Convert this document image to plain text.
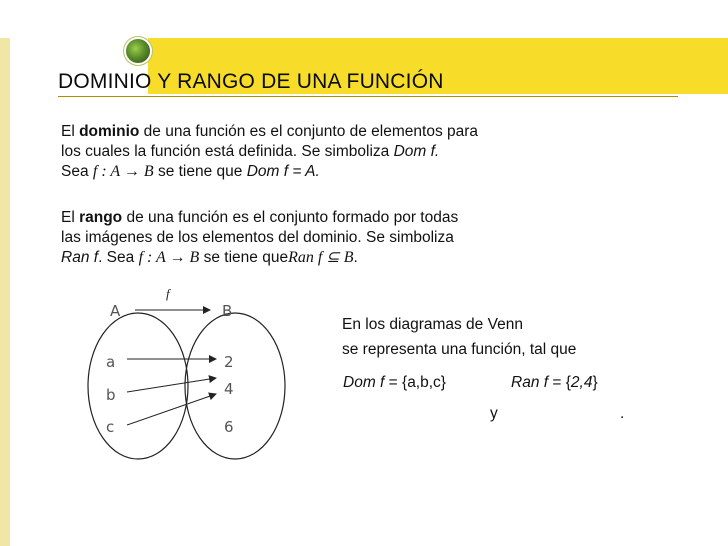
DOMINIO Y RANGO DE UNA FUNCIÓN
El dominio de una función es el conjunto de elementos para
los cuales la función está definida. Se simboliza Dom f.
Sea f : A → B se tiene que Dom f = A.
El rango de una función es el conjunto formado por todas
las imágenes de los elementos del dominio. Se simboliza
Ran f. Sea f : A → B se tiene queRan f ⊆ B.
f
A	B
a
b
c
2
4
6
En los diagramas de Venn
se representa una función, tal que
Dom f = {a,b,c}	Ran f = {2,4}
y	.
